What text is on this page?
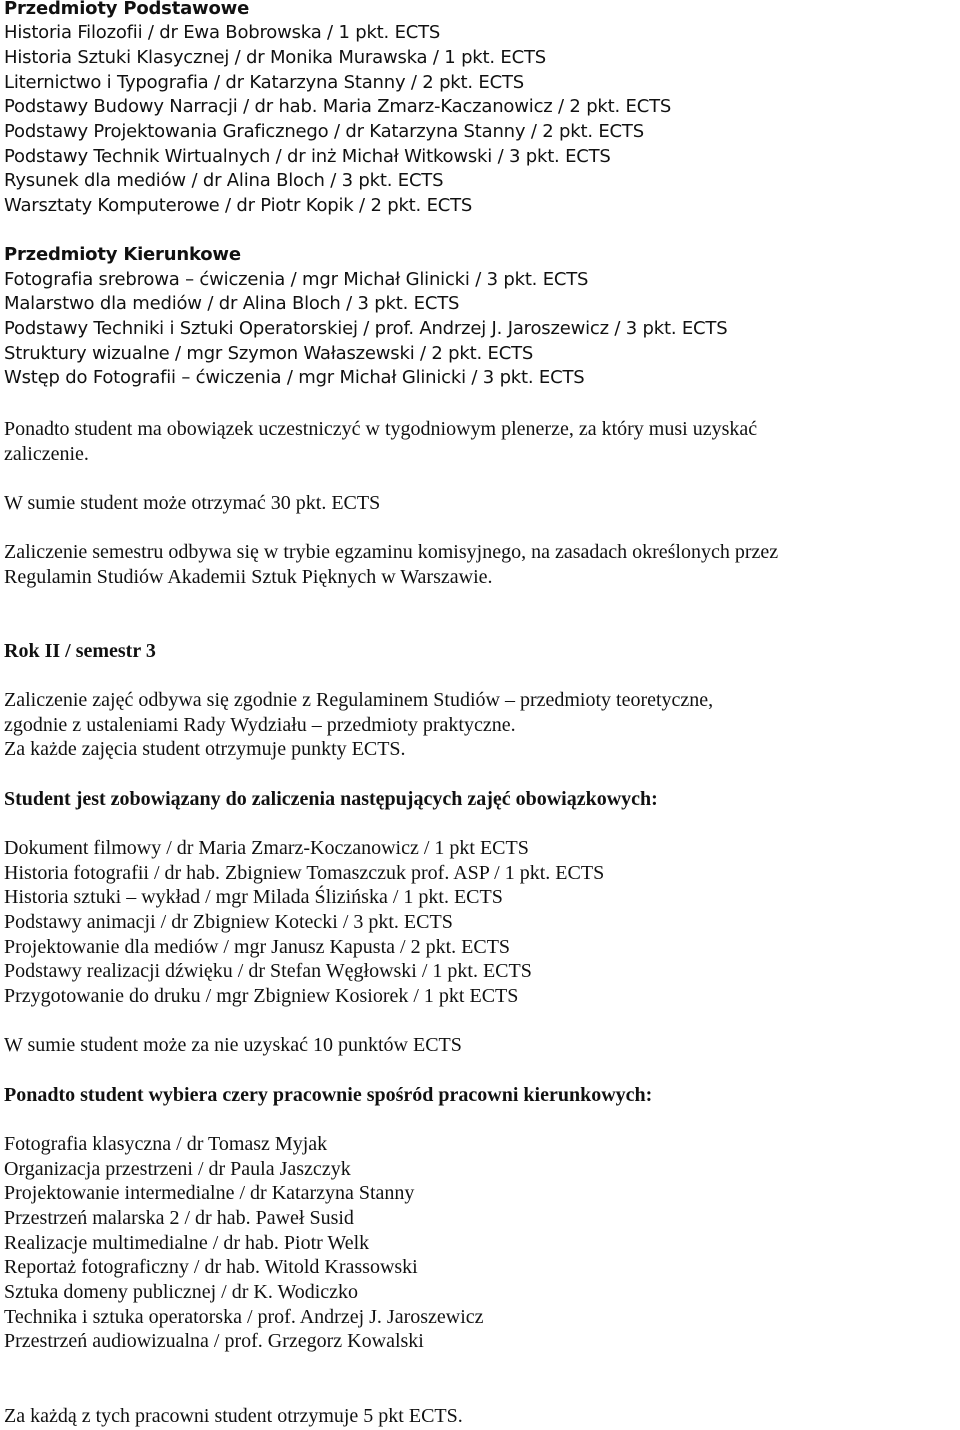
Przedmioty Podstawowe
Historia Filozofii / dr Ewa Bobrowska / 1 pkt. ECTS
Historia Sztuki Klasycznej / dr Monika Murawska / 1 pkt. ECTS
Liternictwo i Typografia / dr Katarzyna Stanny / 2 pkt. ECTS
Podstawy Budowy Narracji / dr hab. Maria Zmarz-Kaczanowicz / 2 pkt. ECTS
Podstawy Projektowania Graficznego / dr Katarzyna Stanny / 2 pkt. ECTS
Podstawy Technik Wirtualnych / dr inż Michał Witkowski / 3 pkt. ECTS
Rysunek dla mediów / dr Alina Bloch / 3 pkt. ECTS
Warsztaty Komputerowe / dr Piotr Kopik / 2 pkt. ECTS
Przedmioty Kierunkowe
Fotografia srebrowa – ćwiczenia / mgr Michał Glinicki / 3 pkt. ECTS
Malarstwo dla mediów / dr Alina Bloch / 3 pkt. ECTS
Podstawy Techniki i Sztuki Operatorskiej / prof. Andrzej J. Jaroszewicz / 3 pkt. ECTS
Struktury wizualne / mgr Szymon Wałaszewski / 2 pkt. ECTS
Wstęp do Fotografii – ćwiczenia / mgr Michał Glinicki / 3 pkt. ECTS
Ponadto student ma obowiązek uczestniczyć w tygodniowym plenerze, za który musi uzyskać
zaliczenie.
W sumie student może otrzymać 30 pkt. ECTS
Zaliczenie semestru odbywa się w trybie egzaminu komisyjnego, na zasadach określonych przez
Regulamin Studiów Akademii Sztuk Pięknych w Warszawie.
Rok II / semestr 3
Zaliczenie zajęć odbywa się zgodnie z Regulaminem Studiów – przedmioty teoretyczne,
zgodnie z ustaleniami Rady Wydziału – przedmioty praktyczne.
Za każde zajęcia student otrzymuje punkty ECTS.
Student jest zobowiązany do zaliczenia następujących zajęć obowiązkowych:
Dokument filmowy / dr Maria Zmarz-Koczanowicz / 1 pkt ECTS
Historia fotografii / dr hab. Zbigniew Tomaszczuk prof. ASP / 1 pkt. ECTS
Historia sztuki – wykład / mgr Milada Ślizińska / 1 pkt. ECTS
Podstawy animacji / dr Zbigniew Kotecki / 3 pkt. ECTS
Projektowanie dla mediów / mgr Janusz Kapusta / 2 pkt. ECTS
Podstawy realizacji dźwięku / dr Stefan Węgłowski / 1 pkt. ECTS
Przygotowanie do druku / mgr Zbigniew Kosiorek / 1 pkt ECTS
W sumie student może za nie uzyskać 10 punktów ECTS
Ponadto student wybiera czery pracownie spośród pracowni kierunkowych:
Fotografia klasyczna / dr Tomasz Myjak
Organizacja przestrzeni / dr Paula Jaszczyk
Projektowanie intermedialne / dr Katarzyna Stanny
Przestrzeń malarska 2 / dr hab. Paweł Susid
Realizacje multimedialne / dr hab. Piotr Welk
Reportaż fotograficzny / dr hab. Witold Krassowski
Sztuka domeny publicznej / dr K. Wodiczko
Technika i sztuka operatorska / prof. Andrzej J. Jaroszewicz
Przestrzeń audiowizualna / prof. Grzegorz Kowalski
Za każdą z tych pracowni student otrzymuje 5 pkt ECTS.
